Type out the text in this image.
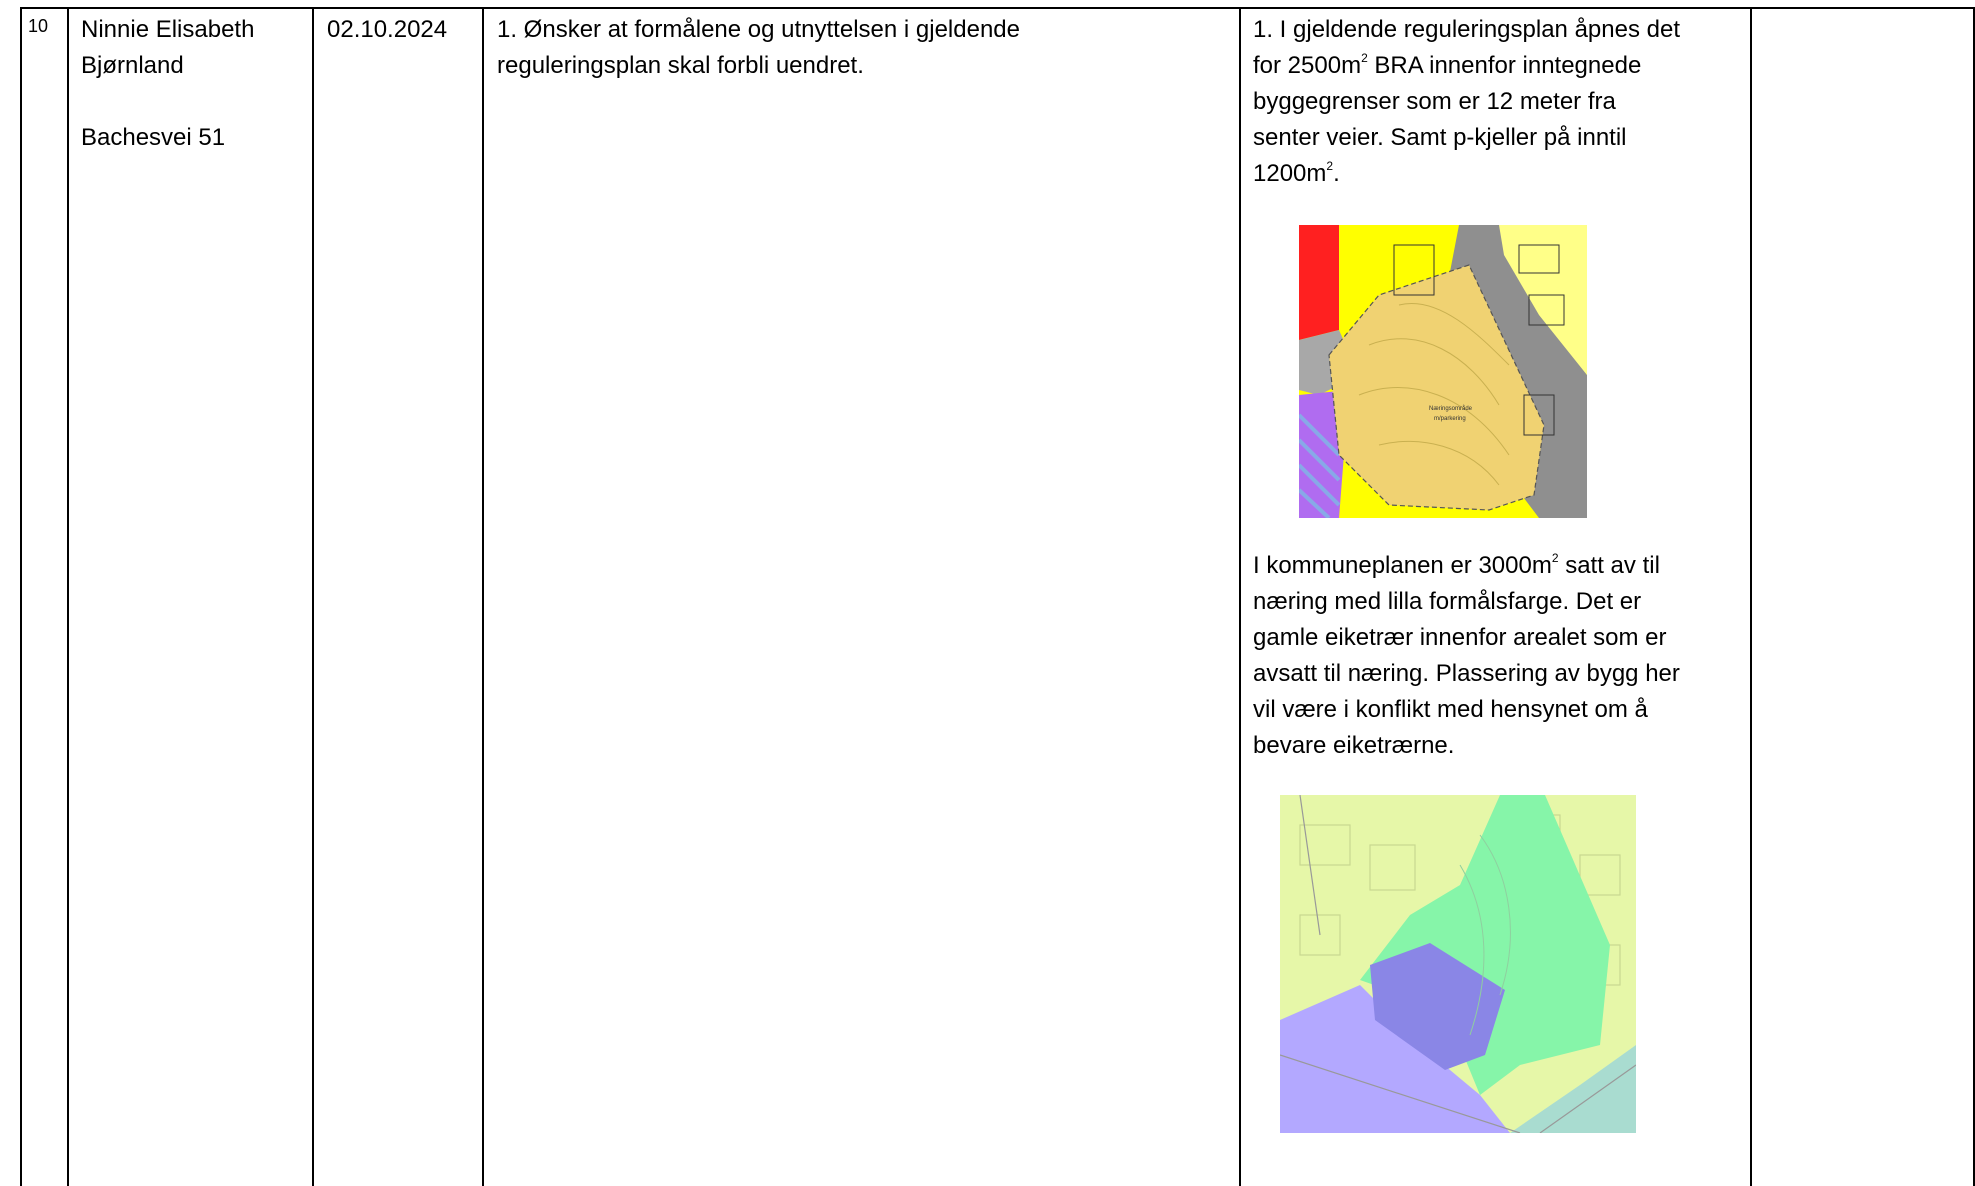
10 Ninnie Elisabeth
Bjørnland
Bachesvei 51
02.10.2024 1. Ønsker at formålene og utnyttelsen i gjeldende
reguleringsplan skal forbli uendret.
1. I gjeldende reguleringsplan åpnes det
for $2500m^2$ BRA innenfor inntegnede
byggegrenser som er 12 meter fra
senter veier. Samt p-kjeller på inntil
$1200m^2$.
I kommuneplanen er $3000m^2$ satt av til
næring med lilla formålsfarge. Det er
gamle eiketrær innenfor arealet som er
avsatt til næring. Plassering av bygg her
vil være i konflikt med hensynet om å
bevare eiketrærne.
Næringsområde
m/parkering
